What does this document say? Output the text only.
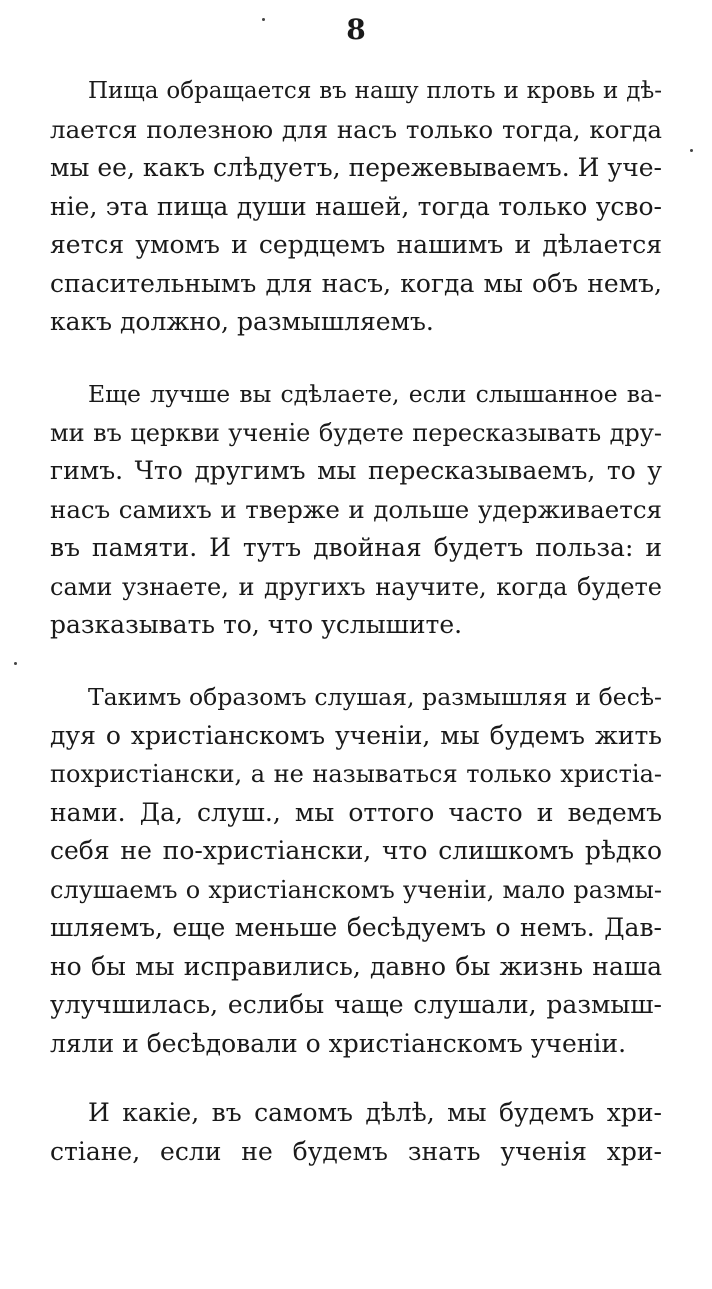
8
Пища обращается въ нашу плоть и кровь и дѣ-
лается полезною для насъ только тогда, когда
мы ее, какъ слѣдуетъ, пережевываемъ. И уче-
ніе, эта пища души нашей, тогда только усво-
яется умомъ и сердцемъ нашимъ и дѣлается
спасительнымъ для насъ, когда мы объ немъ,
какъ должно, размышляемъ.
Еще лучше вы сдѣлаете, если слышанное ва-
ми въ церкви ученіе будете пересказывать дру-
гимъ. Что другимъ мы пересказываемъ, то у
насъ самихъ и тверже и дольше удерживается
въ памяти. И тутъ двойная будетъ польза: и
сами узнаете, и другихъ научите, когда будете
разказывать то, что услышите.
Такимъ образомъ слушая, размышляя и бесѣ-
дуя о христіанскомъ ученіи, мы будемъ жить
похристіански, а не называться только христіа-
нами. Да, слуш., мы оттого часто и ведемъ
себя не по-христіански, что слишкомъ рѣдко
слушаемъ о христіанскомъ ученіи, мало размы-
шляемъ, еще меньше бесѣдуемъ о немъ. Дав-
но бы мы исправились, давно бы жизнь наша
улучшилась, еслибы чаще слушали, размыш-
ляли и бесѣдовали о христіанскомъ ученіи.
И какіе, въ самомъ дѣлѣ, мы будемъ хри-
стіане, если не будемъ знать ученія хри-
